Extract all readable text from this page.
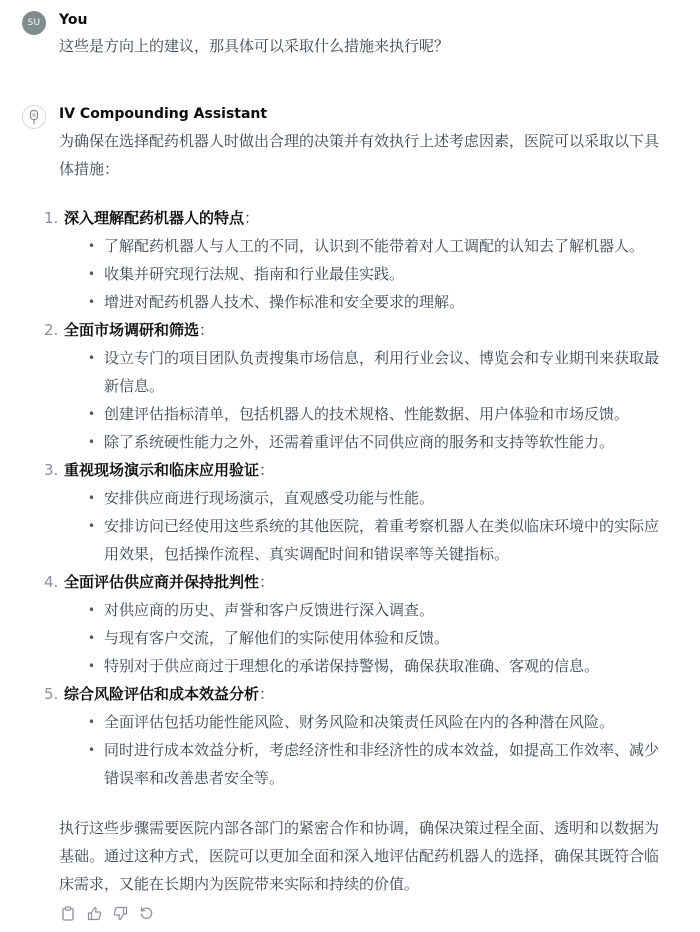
SU You
这些是方向上的建议，那具体可以采取什么措施来执行呢？
IV Compounding Assistant
为确保在选择配药机器人时做出合理的决策并有效执行上述考虑因素，医院可以采取以下具体措施：
1. 深入理解配药机器人的特点：
• 了解配药机器人与人工的不同，认识到不能带着对人工调配的认知去了解机器人。
• 收集并研究现行法规、指南和行业最佳实践。
• 增进对配药机器人技术、操作标准和安全要求的理解。
2. 全面市场调研和筛选：
• 设立专门的项目团队负责搜集市场信息，利用行业会议、博览会和专业期刊来获取最新信息。
• 创建评估指标清单，包括机器人的技术规格、性能数据、用户体验和市场反馈。
• 除了系统硬性能力之外，还需着重评估不同供应商的服务和支持等软性能力。
3. 重视现场演示和临床应用验证：
• 安排供应商进行现场演示，直观感受功能与性能。
• 安排访问已经使用这些系统的其他医院，着重考察机器人在类似临床环境中的实际应用效果，包括操作流程、真实调配时间和错误率等关键指标。
4. 全面评估供应商并保持批判性：
• 对供应商的历史、声誉和客户反馈进行深入调查。
• 与现有客户交流，了解他们的实际使用体验和反馈。
• 特别对于供应商过于理想化的承诺保持警惕，确保获取准确、客观的信息。
5. 综合风险评估和成本效益分析：
• 全面评估包括功能性能风险、财务风险和决策责任风险在内的各种潜在风险。
• 同时进行成本效益分析，考虑经济性和非经济性的成本效益，如提高工作效率、减少错误率和改善患者安全等。
执行这些步骤需要医院内部各部门的紧密合作和协调，确保决策过程全面、透明和以数据为基础。通过这种方式，医院可以更加全面和深入地评估配药机器人的选择，确保其既符合临床需求，又能在长期内为医院带来实际和持续的价值。
